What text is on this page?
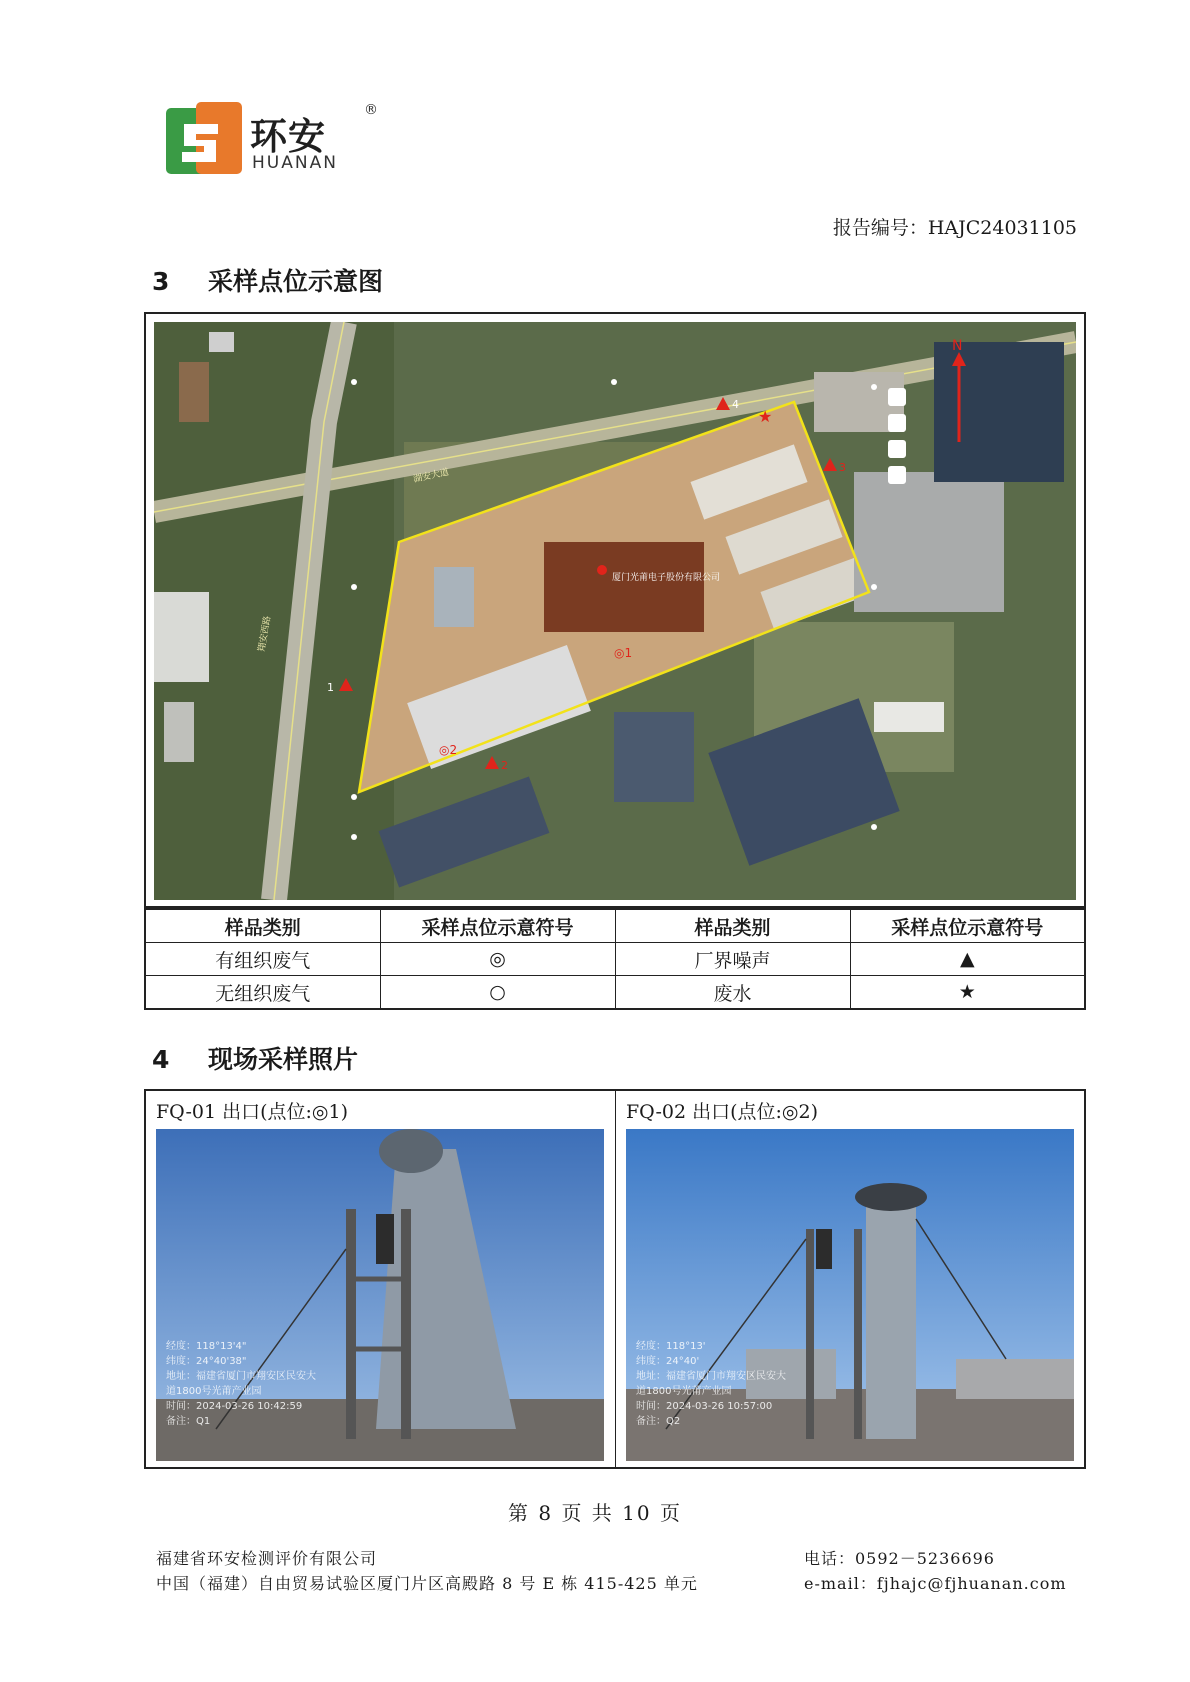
环安
®
HUANAN
报告编号：HAJC24031105
3 采样点位示意图
湖安大道
翔安西路
厦门光莆电子股份有限公司
◎1
◎2
1
2
3
4
★
N
样品类别	采样点位示意符号	样品类别	采样点位示意符号
有组织废气	◎	厂界噪声	▲
无组织废气	○	废水	★
4 现场采样照片
FQ-01 出口(点位:◎1)
经度：118°13'4"
纬度：24°40'38"
地址：福建省厦门市翔安区民安大
道1800号光莆产业园
时间：2024-03-26 10:42:59
备注：Q1
FQ-02 出口(点位:◎2)
经度：118°13'
纬度：24°40'
地址：福建省厦门市翔安区民安大
道1800号光莆产业园
时间：2024-03-26 10:57:00
备注：Q2
第 8 页 共 10 页
福建省环安检测评价有限公司
中国（福建）自由贸易试验区厦门片区高殿路 8 号 E 栋 415-425 单元
电话：0592－5236696
e-mail：fjhajc@fjhuanan.com
